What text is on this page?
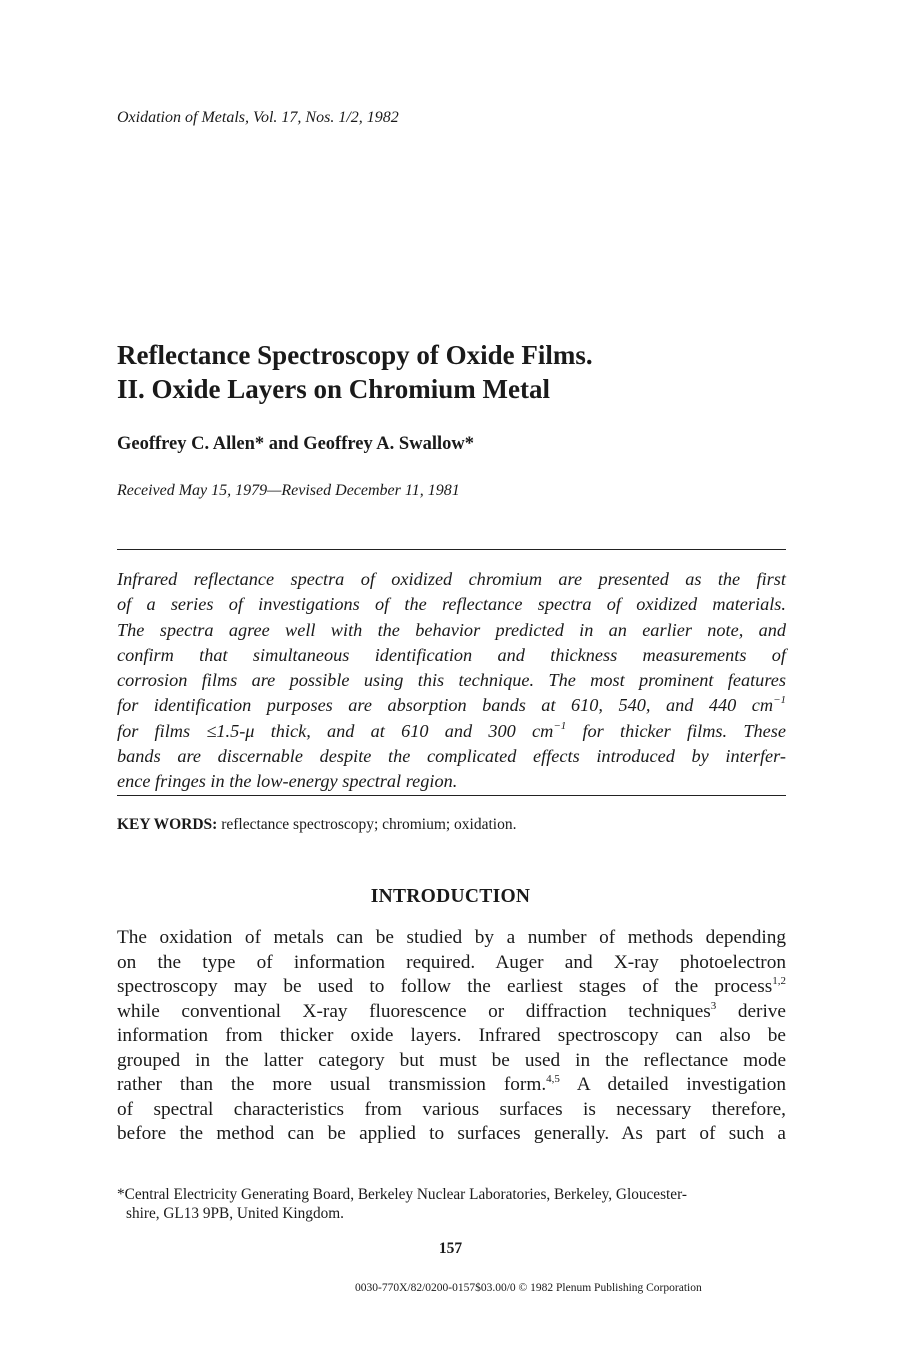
Oxidation of Metals, Vol. 17, Nos. 1/2, 1982
Reflectance Spectroscopy of Oxide Films.
II. Oxide Layers on Chromium Metal
Geoffrey C. Allen* and Geoffrey A. Swallow*
Received May 15, 1979—Revised December 11, 1981
Infrared reflectance spectra of oxidized chromium are presented as the first
of a series of investigations of the reflectance spectra of oxidized materials.
The spectra agree well with the behavior predicted in an earlier note, and
confirm that simultaneous identification and thickness measurements of
corrosion films are possible using this technique. The most prominent features
for identification purposes are absorption bands at 610, 540, and 440 $cm^{-1}$
for films ≤1.5-μ thick, and at 610 and 300 $cm^{-1}$ for thicker films. These
bands are discernable despite the complicated effects introduced by interfer-
ence fringes in the low-energy spectral region.
KEY WORDS: reflectance spectroscopy; chromium; oxidation.
INTRODUCTION
The oxidation of metals can be studied by a number of methods depending
on the type of information required. Auger and X-ray photoelectron
spectroscopy may be used to follow the earliest stages of the process$^{1,2}$
while conventional X-ray fluorescence or diffraction techniques$^3$ derive
information from thicker oxide layers. Infrared spectroscopy can also be
grouped in the latter category but must be used in the reflectance mode
rather than the more usual transmission form.$^{4,5}$ A detailed investigation
of spectral characteristics from various surfaces is necessary therefore,
before the method can be applied to surfaces generally. As part of such a
*Central Electricity Generating Board, Berkeley Nuclear Laboratories, Berkeley, Gloucester-
shire, GL13 9PB, United Kingdom.
157
0030-770X/82/0200-0157$03.00/0 © 1982 Plenum Publishing Corporation
